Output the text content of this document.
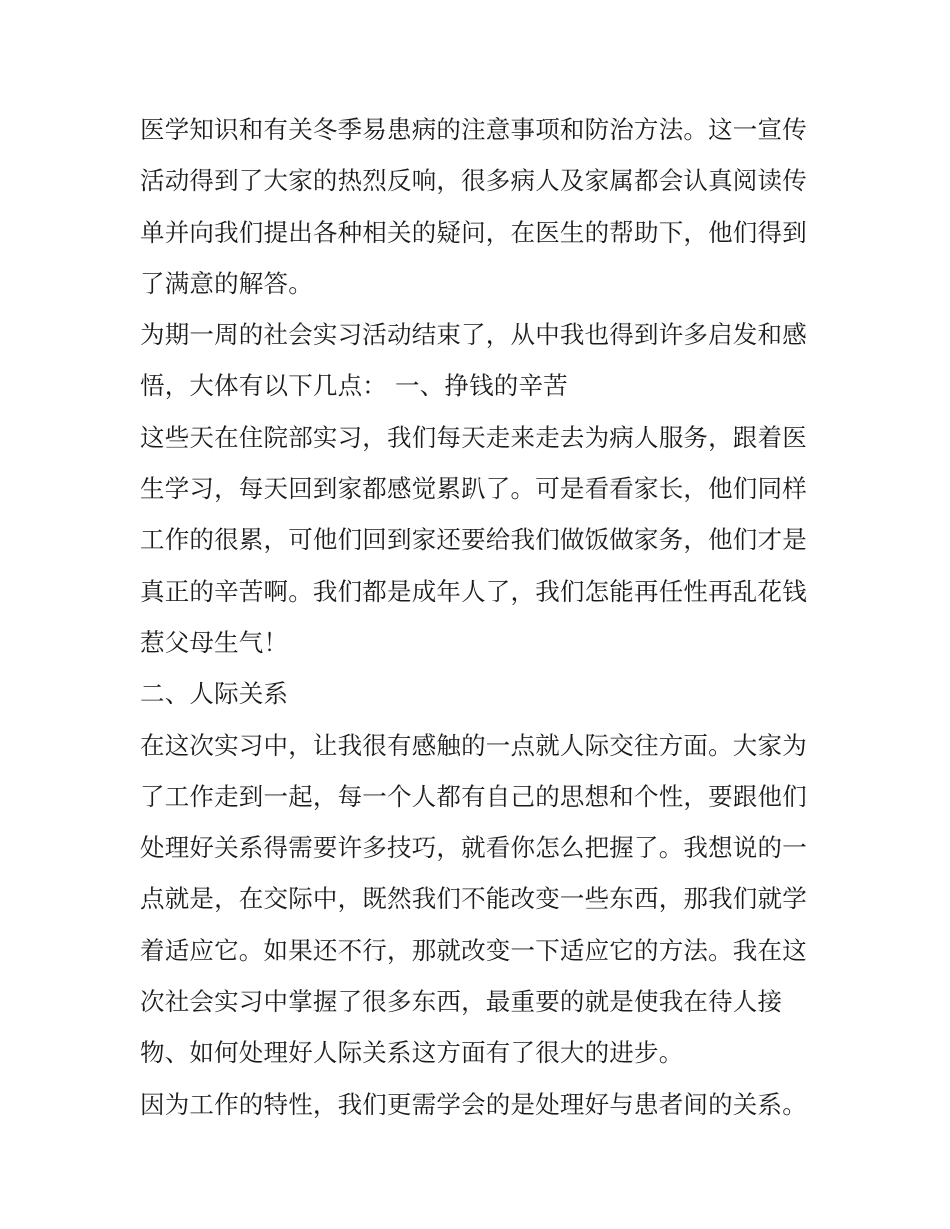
医学知识和有关冬季易患病的注意事项和防治方法。这一宣传
活动得到了大家的热烈反响，很多病人及家属都会认真阅读传
单并向我们提出各种相关的疑问，在医生的帮助下，他们得到
了满意的解答。
为期一周的社会实习活动结束了，从中我也得到许多启发和感
悟，大体有以下几点： 一、挣钱的辛苦
这些天在住院部实习，我们每天走来走去为病人服务，跟着医
生学习，每天回到家都感觉累趴了。可是看看家长，他们同样
工作的很累，可他们回到家还要给我们做饭做家务，他们才是
真正的辛苦啊。我们都是成年人了，我们怎能再任性再乱花钱
惹父母生气！
二、人际关系
在这次实习中，让我很有感触的一点就人际交往方面。大家为
了工作走到一起，每一个人都有自己的思想和个性，要跟他们
处理好关系得需要许多技巧，就看你怎么把握了。我想说的一
点就是，在交际中，既然我们不能改变一些东西，那我们就学
着适应它。如果还不行，那就改变一下适应它的方法。我在这
次社会实习中掌握了很多东西，最重要的就是使我在待人接
物、如何处理好人际关系这方面有了很大的进步。
因为工作的特性，我们更需学会的是处理好与患者间的关系。
